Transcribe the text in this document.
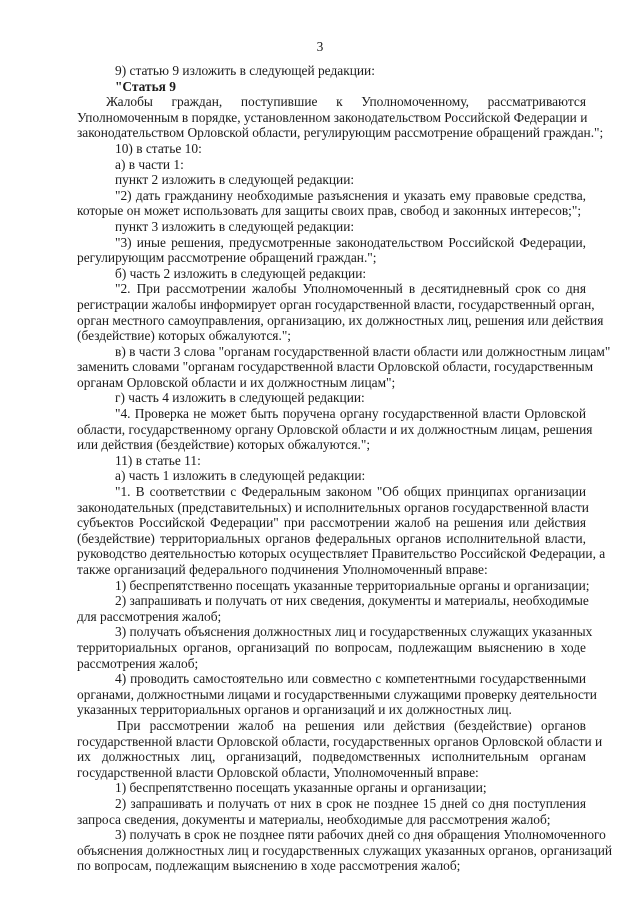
3
9) статью 9 изложить в следующей редакции:
"Статья 9
Жалобы граждан, поступившие к Уполномоченному, рассматриваются
Уполномоченным в порядке, установленном законодательством Российской Федерации и
законодательством Орловской области, регулирующим рассмотрение обращений граждан.";
10) в статье 10:
а) в части 1:
пункт 2 изложить в следующей редакции:
"2) дать гражданину необходимые разъяснения и указать ему правовые средства,
которые он может использовать для защиты своих прав, свобод и законных интересов;";
пункт 3 изложить в следующей редакции:
"3) иные решения, предусмотренные законодательством Российской Федерации,
регулирующим рассмотрение обращений граждан.";
б) часть 2 изложить в следующей редакции:
"2. При рассмотрении жалобы Уполномоченный в десятидневный срок со дня
регистрации жалобы информирует орган государственной власти, государственный орган,
орган местного самоуправления, организацию, их должностных лиц, решения или действия
(бездействие) которых обжалуются.";
в) в части 3 слова "органам государственной власти области или должностным лицам"
заменить словами "органам государственной власти Орловской области, государственным
органам Орловской области и их должностным лицам";
г) часть 4 изложить в следующей редакции:
"4. Проверка не может быть поручена органу государственной власти Орловской
области, государственному органу Орловской области и их должностным лицам, решения
или действия (бездействие) которых обжалуются.";
11) в статье 11:
а) часть 1 изложить в следующей редакции:
"1. В соответствии с Федеральным законом "Об общих принципах организации
законодательных (представительных) и исполнительных органов государственной власти
субъектов Российской Федерации" при рассмотрении жалоб на решения или действия
(бездействие) территориальных органов федеральных органов исполнительной власти,
руководство деятельностью которых осуществляет Правительство Российской Федерации, а
также организаций федерального подчинения Уполномоченный вправе:
1) беспрепятственно посещать указанные территориальные органы и организации;
2) запрашивать и получать от них сведения, документы и материалы, необходимые
для рассмотрения жалоб;
3) получать объяснения должностных лиц и государственных служащих указанных
территориальных органов, организаций по вопросам, подлежащим выяснению в ходе
рассмотрения жалоб;
4) проводить самостоятельно или совместно с компетентными государственными
органами, должностными лицами и государственными служащими проверку деятельности
указанных территориальных органов и организаций и их должностных лиц.
При рассмотрении жалоб на решения или действия (бездействие) органов
государственной власти Орловской области, государственных органов Орловской области и
их должностных лиц, организаций, подведомственных исполнительным органам
государственной власти Орловской области, Уполномоченный вправе:
1) беспрепятственно посещать указанные органы и организации;
2) запрашивать и получать от них в срок не позднее 15 дней со дня поступления
запроса сведения, документы и материалы, необходимые для рассмотрения жалоб;
3) получать в срок не позднее пяти рабочих дней со дня обращения Уполномоченного
объяснения должностных лиц и государственных служащих указанных органов, организаций
по вопросам, подлежащим выяснению в ходе рассмотрения жалоб;
